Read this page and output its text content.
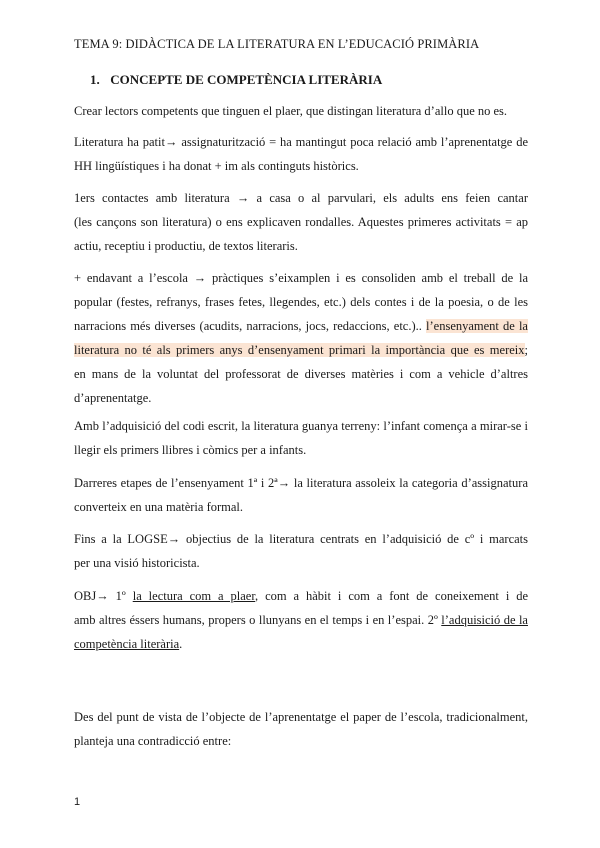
TEMA 9: DIDÀCTICA DE LA LITERATURA EN L’EDUCACIÓ PRIMÀRIA
1. CONCEPTE DE COMPETÈNCIA LITERÀRIA
Crear lectors competents que tinguen el plaer, que distingan literatura d’allo que no es.
Literatura ha patit→ assignaturització = ha mantingut poca relació amb l’aprenentatge de
HH lingüístiques i ha donat + im als continguts històrics.
1ers contactes amb literatura → a casa o al parvulari, els adults ens feien cantar
(les cançons son literatura) o ens explicaven rondalles. Aquestes primeres activitats = ap
actiu, receptiu i productiu, de textos literaris.
+ endavant a l’escola → pràctiques s’eixamplen i es consoliden amb el treball de la
popular (festes, refranys, frases fetes, llegendes, etc.) dels contes i de la poesia, o de les
narracions més diverses (acudits, narracions, jocs, redaccions, etc.).. l’ensenyament de la
literatura no té als primers anys d’ensenyament primari la importància que es mereix;
en mans de la voluntat del professorat de diverses matèries i com a vehicle d’altres
d’aprenentatge.
Amb l’adquisició del codi escrit, la literatura guanya terreny: l’infant comença a mirar-se i
llegir els primers llibres i còmics per a infants.
Darreres etapes de l’ensenyament 1ª i 2ª→ la literatura assoleix la categoria d’assignatura
converteix en una matèria formal.
Fins a la LOGSE→ objectius de la literatura centrats en l’adquisició de cº i marcats
per una visió historicista.
OBJ→ 1º la lectura com a plaer, com a hàbit i com a font de coneixement i de
amb altres éssers humans, propers o llunyans en el temps i en l’espai. 2º l’adquisició de la
competència literària.
Des del punt de vista de l’objecte de l’aprenentatge el paper de l’escola, tradicionalment,
planteja una contradicció entre:
1
